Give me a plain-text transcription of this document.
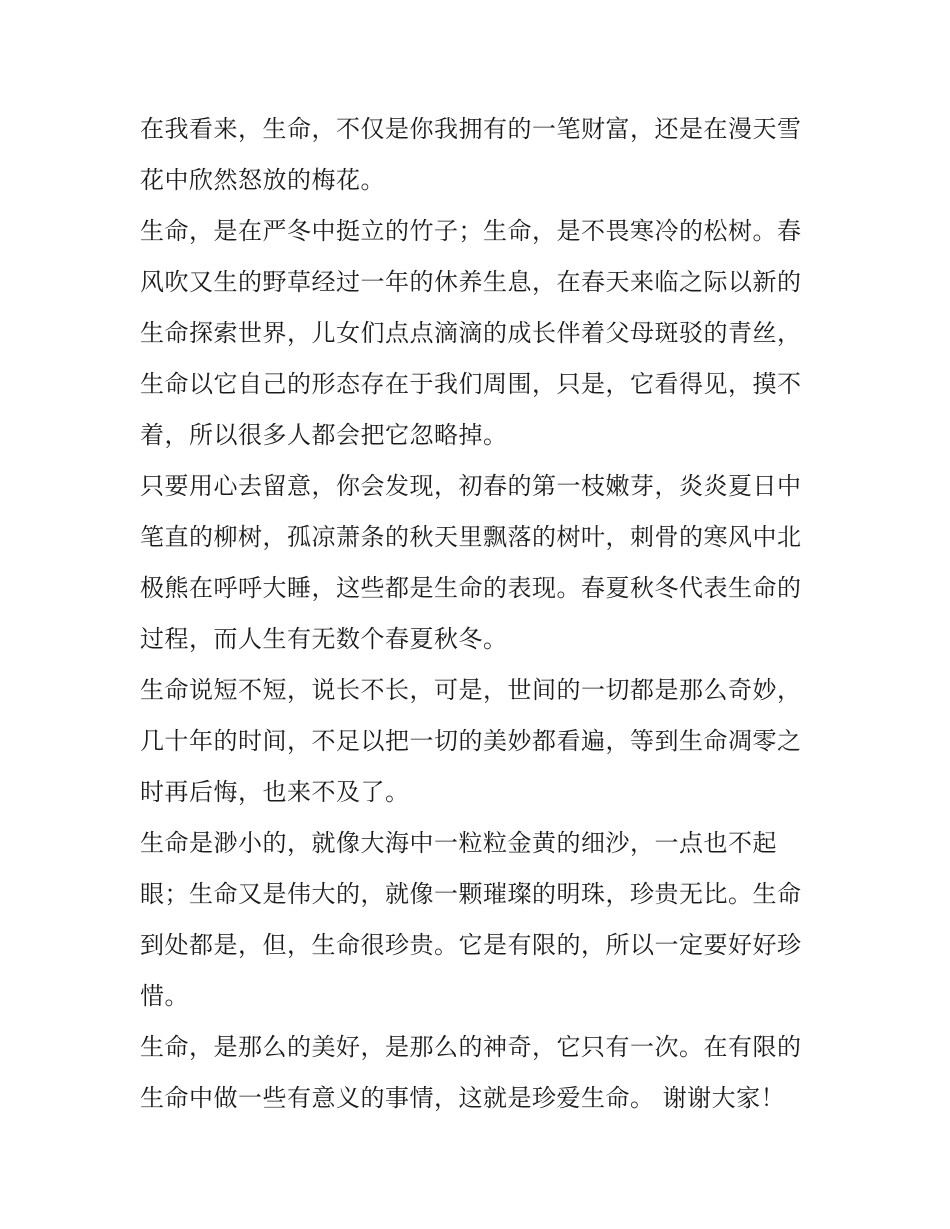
在我看来，生命，不仅是你我拥有的一笔财富，还是在漫天雪
花中欣然怒放的梅花。

生命，是在严冬中挺立的竹子；生命，是不畏寒冷的松树。春
风吹又生的野草经过一年的休养生息，在春天来临之际以新的
生命探索世界，儿女们点点滴滴的成长伴着父母斑驳的青丝，
生命以它自己的形态存在于我们周围，只是，它看得见，摸不
着，所以很多人都会把它忽略掉。

只要用心去留意，你会发现，初春的第一枝嫩芽，炎炎夏日中
笔直的柳树，孤凉萧条的秋天里飘落的树叶，刺骨的寒风中北
极熊在呼呼大睡，这些都是生命的表现。春夏秋冬代表生命的
过程，而人生有无数个春夏秋冬。

生命说短不短，说长不长，可是，世间的一切都是那么奇妙，
几十年的时间，不足以把一切的美妙都看遍，等到生命凋零之
时再后悔，也来不及了。

生命是渺小的，就像大海中一粒粒金黄的细沙，一点也不起
眼；生命又是伟大的，就像一颗璀璨的明珠，珍贵无比。生命
到处都是，但，生命很珍贵。它是有限的，所以一定要好好珍
惜。

生命，是那么的美好，是那么的神奇，它只有一次。在有限的
生命中做一些有意义的事情，这就是珍爱生命。 谢谢大家！
